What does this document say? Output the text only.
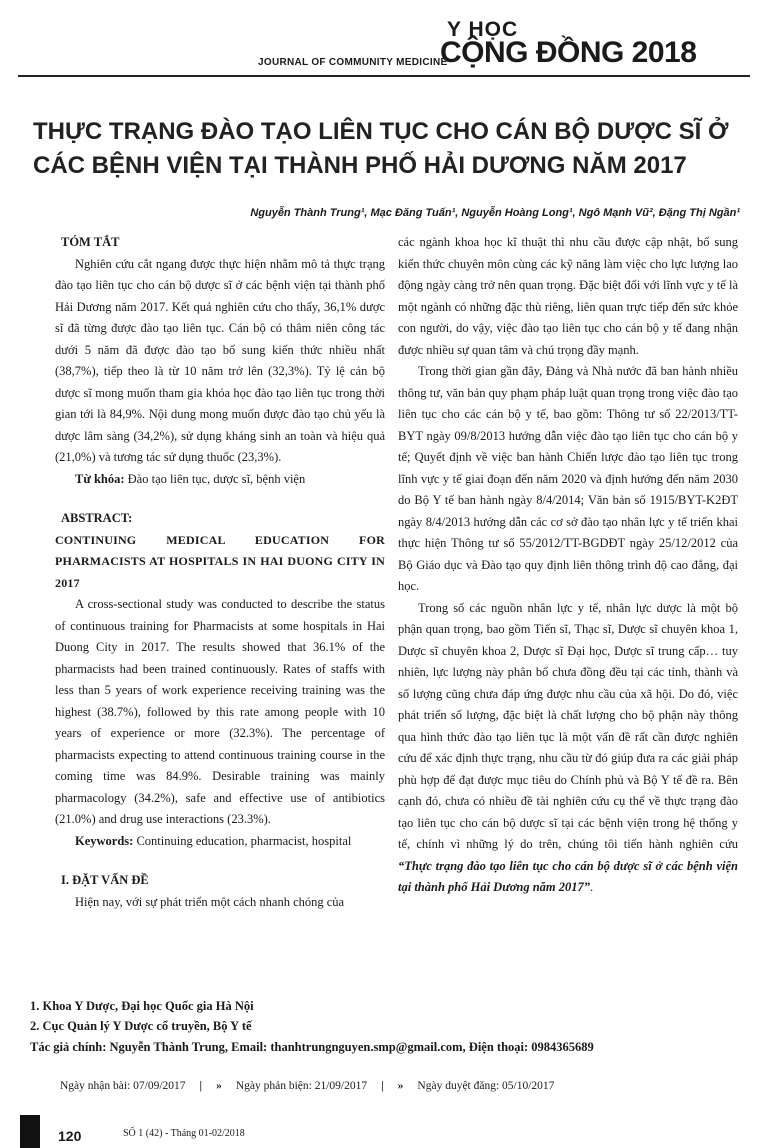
JOURNAL OF COMMUNITY MEDICINE
Y HỌC
CỘNG ĐỒNG 2018
THỰC TRẠNG ĐÀO TẠO LIÊN TỤC CHO CÁN BỘ DƯỢC SĨ Ở
CÁC BỆNH VIỆN TẠI THÀNH PHỐ HẢI DƯƠNG NĂM 2017
Nguyễn Thành Trung¹, Mạc Đăng Tuấn¹, Nguyễn Hoàng Long¹, Ngô Mạnh Vũ², Đặng Thị Ngần¹

TÓM TẮT

Nghiên cứu cắt ngang được thực hiện nhằm mô tả thực trạng đào tạo liên tục cho cán bộ dược sĩ ở các bệnh viện tại thành phố Hải Dương năm 2017. Kết quả nghiên cứu cho thấy, 36,1% dược sĩ đã từng được đào tạo liên tục. Cán bộ có thâm niên công tác dưới 5 năm đã được đào tạo bổ sung kiến thức nhiều nhất (38,7%), tiếp theo là từ 10 năm trở lên (32,3%). Tỷ lệ cán bộ dược sĩ mong muốn tham gia khóa học đào tạo liên tục trong thời gian tới là 84,9%. Nội dung mong muốn được đào tạo chủ yếu là dược lâm sàng (34,2%), sử dụng kháng sinh an toàn và hiệu quả (21,0%) và tương tác sử dụng thuốc (23,3%).

Từ khóa: Đào tạo liên tục, dược sĩ, bệnh viện

ABSTRACT:

CONTINUING MEDICAL EDUCATION FOR PHARMACISTS AT HOSPITALS IN HAI DUONG CITY IN 2017

A cross-sectional study was conducted to describe the status of continuous training for Pharmacists at some hospitals in Hai Duong City in 2017. The results showed that 36.1% of the pharmacists had been trained continuously. Rates of staffs with less than 5 years of work experience receiving training was the highest (38.7%), followed by this rate among people with 10 years of experience or more (32.3%). The percentage of pharmacists expecting to attend continuous training course in the coming time was 84.9%. Desirable training was mainly pharmacology (34.2%), safe and effective use of antibiotics (21.0%) and drug use interactions (23.3%).

Keywords: Continuing education, pharmacist, hospital

I. ĐẶT VẤN ĐỀ

Hiện nay, với sự phát triển một cách nhanh chóng của

các ngành khoa học kĩ thuật thì nhu cầu được cập nhật, bổ sung kiến thức chuyên môn cùng các kỹ năng làm việc cho lực lượng lao động ngày càng trở nên quan trọng. Đặc biệt đối với lĩnh vực y tế là một ngành có những đặc thù riêng, liên quan trực tiếp đến sức khỏe con người, do vậy, việc đào tạo liên tục cho cán bộ y tế đang nhận được nhiều sự quan tâm và chú trọng đầy mạnh.

Trong thời gian gần đây, Đảng và Nhà nước đã ban hành nhiều thông tư, văn bản quy phạm pháp luật quan trọng trong việc đào tạo liên tục cho các cán bộ y tế, bao gồm: Thông tư số 22/2013/TT-BYT ngày 09/8/2013 hướng dẫn việc đào tạo liên tục cho cán bộ y tế; Quyết định về việc ban hành Chiến lược đào tạo liên tục trong lĩnh vực y tế giai đoạn đến năm 2020 và định hướng đến năm 2030 do Bộ Y tế ban hành ngày 8/4/2014; Văn bản số 1915/BYT-K2ĐT ngày 8/4/2013 hướng dẫn các cơ sở đào tạo nhân lực y tế triển khai thực hiện Thông tư số 55/2012/TT-BGDĐT ngày 25/12/2012 của Bộ Giáo dục và Đào tạo quy định liên thông trình độ cao đẳng, đại học.

Trong số các nguồn nhân lực y tế, nhân lực dược là một bộ phận quan trọng, bao gồm Tiến sĩ, Thạc sĩ, Dược sĩ chuyên khoa 1, Dược sĩ chuyên khoa 2, Dược sĩ Đại học, Dược sĩ trung cấp… tuy nhiên, lực lượng này phân bố chưa đồng đều tại các tỉnh, thành và số lượng cũng chưa đáp ứng được nhu cầu của xã hội. Do đó, việc phát triển số lượng, đặc biệt là chất lượng cho bộ phận này thông qua hình thức đào tạo liên tục là một vấn đề rất cần được nghiên cứu để xác định thực trạng, nhu cầu từ đó giúp đưa ra các giải pháp phù hợp để đạt được mục tiêu do Chính phủ và Bộ Y tế đề ra. Bên cạnh đó, chưa có nhiều đề tài nghiên cứu cụ thể về thực trạng đào tạo liên tục cho cán bộ dược sĩ tại các bệnh viện trong hệ thống y tế, chính vì những lý do trên, chúng tôi tiến hành nghiên cứu “Thực trạng đào tạo liên tục cho cán bộ dược sĩ ở các bệnh viện tại thành phố Hải Dương năm 2017”.

1. Khoa Y Dược, Đại học Quốc gia Hà Nội
2. Cục Quản lý Y Dược cổ truyền, Bộ Y tế
Tác giả chính: Nguyễn Thành Trung, Email: thanhtrungnguyen.smp@gmail.com, Điện thoại: 0984365689
Ngày nhận bài: 07/09/2017 | » Ngày phản biện: 21/09/2017 | » Ngày duyệt đăng: 05/10/2017
120	SỐ 1 (42) - Tháng 01-02/2018
